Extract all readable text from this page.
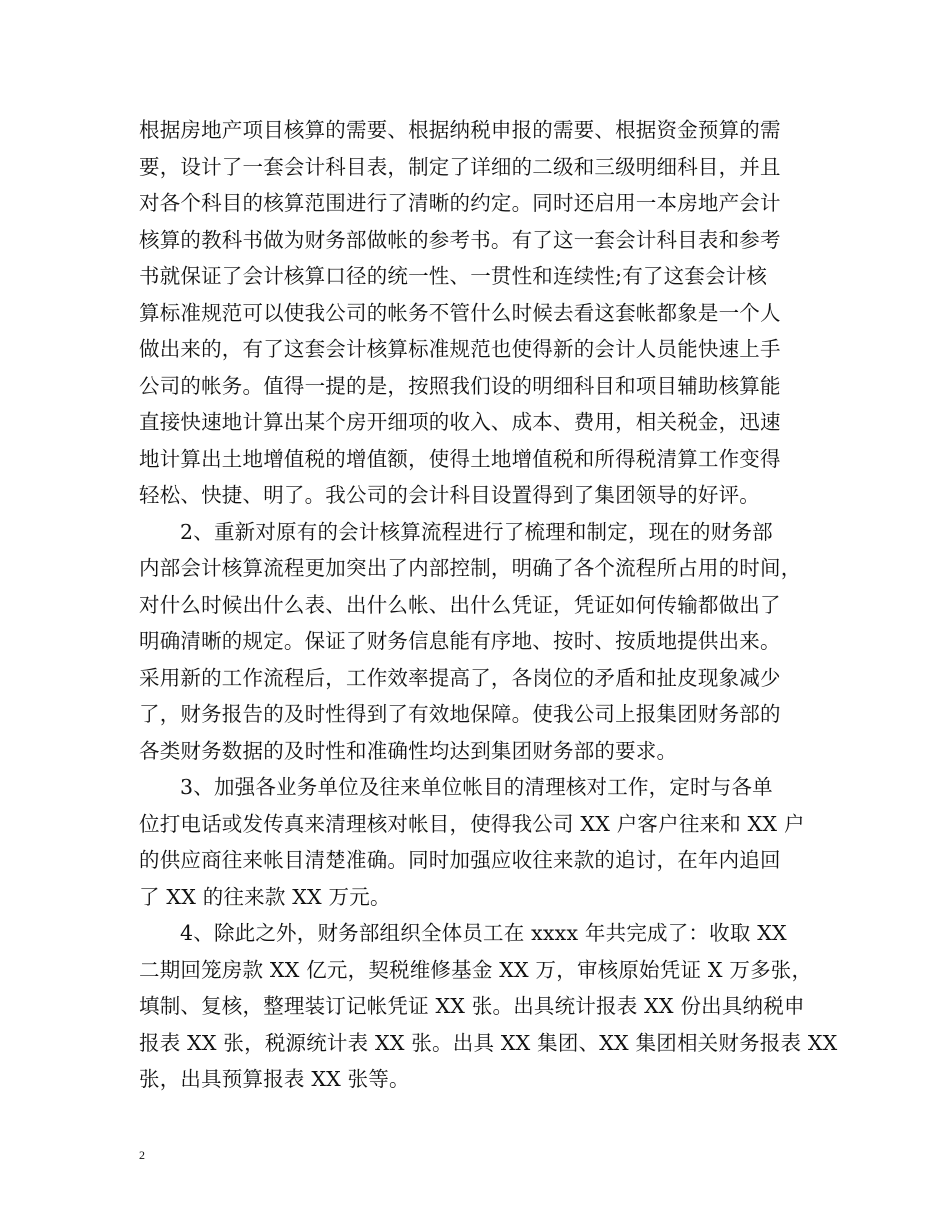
根据房地产项目核算的需要、根据纳税申报的需要、根据资金预算的需
要，设计了一套会计科目表，制定了详细的二级和三级明细科目，并且
对各个科目的核算范围进行了清晰的约定。同时还启用一本房地产会计
核算的教科书做为财务部做帐的参考书。有了这一套会计科目表和参考
书就保证了会计核算口径的统一性、一贯性和连续性;有了这套会计核
算标准规范可以使我公司的帐务不管什么时候去看这套帐都象是一个人
做出来的，有了这套会计核算标准规范也使得新的会计人员能快速上手
公司的帐务。值得一提的是，按照我们设的明细科目和项目辅助核算能
直接快速地计算出某个房开细项的收入、成本、费用，相关税金，迅速
地计算出土地增值税的增值额，使得土地增值税和所得税清算工作变得
轻松、快捷、明了。我公司的会计科目设置得到了集团领导的好评。
2、重新对原有的会计核算流程进行了梳理和制定，现在的财务部
内部会计核算流程更加突出了内部控制，明确了各个流程所占用的时间，
对什么时候出什么表、出什么帐、出什么凭证，凭证如何传输都做出了
明确清晰的规定。保证了财务信息能有序地、按时、按质地提供出来。
采用新的工作流程后，工作效率提高了，各岗位的矛盾和扯皮现象减少
了，财务报告的及时性得到了有效地保障。使我公司上报集团财务部的
各类财务数据的及时性和准确性均达到集团财务部的要求。
3、加强各业务单位及往来单位帐目的清理核对工作，定时与各单
位打电话或发传真来清理核对帐目，使得我公司 XX 户客户往来和 XX 户
的供应商往来帐目清楚准确。同时加强应收往来款的追讨，在年内追回
了 XX 的往来款 XX 万元。
4、除此之外，财务部组织全体员工在 xxxx 年共完成了：收取 XX
二期回笼房款 XX 亿元，契税维修基金 XX 万，审核原始凭证 X 万多张，
填制、复核，整理装订记帐凭证 XX 张。出具统计报表 XX 份出具纳税申
报表 XX 张，税源统计表 XX 张。出具 XX 集团、XX 集团相关财务报表 XX
张，出具预算报表 XX 张等。
2
